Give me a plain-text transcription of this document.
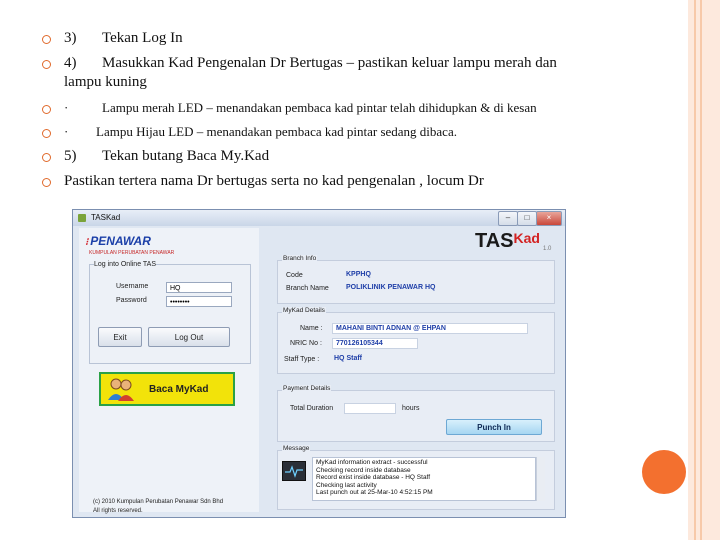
3) Tekan Log In
4) Masukkan Kad Pengenalan Dr Bertugas – pastikan keluar lampu merah dan
lampu kuning
·	Lampu merah LED – menandakan pembaca kad pintar telah dihidupkan & di kesan
· Lampu Hijau LED – menandakan pembaca kad pintar sedang dibaca.
5) Tekan butang Baca My.Kad
Pastikan tertera nama Dr bertugas serta no kad pengenalan , locum Dr
TASKad	–	□	×
⁝ PENAWAR
KUMPULAN PERUBATAN PENAWAR
Log into Online TAS
Username	HQ
Password	••••••••
Exit	Log Out
Baca MyKad
(c) 2010 Kumpulan Perubatan Penawar Sdn Bhd
All rights reserved.
$TAS^{Kad}$
1.0
Branch Info
Code	KPPHQ
Branch Name POLIKLINIK PENAWAR HQ
MyKad Details
Name :	MAHANI BINTI ADNAN @ EHPAN
NRIC No :	770126105344
Staff Type : HQ Staff
Payment Details
Total Duration	hours
Punch In
Message
MyKad information extract - successful
Checking record inside database
Record exist inside database - HQ Staff
Checking last activity
Last punch out at 25-Mar-10 4:52:15 PM
